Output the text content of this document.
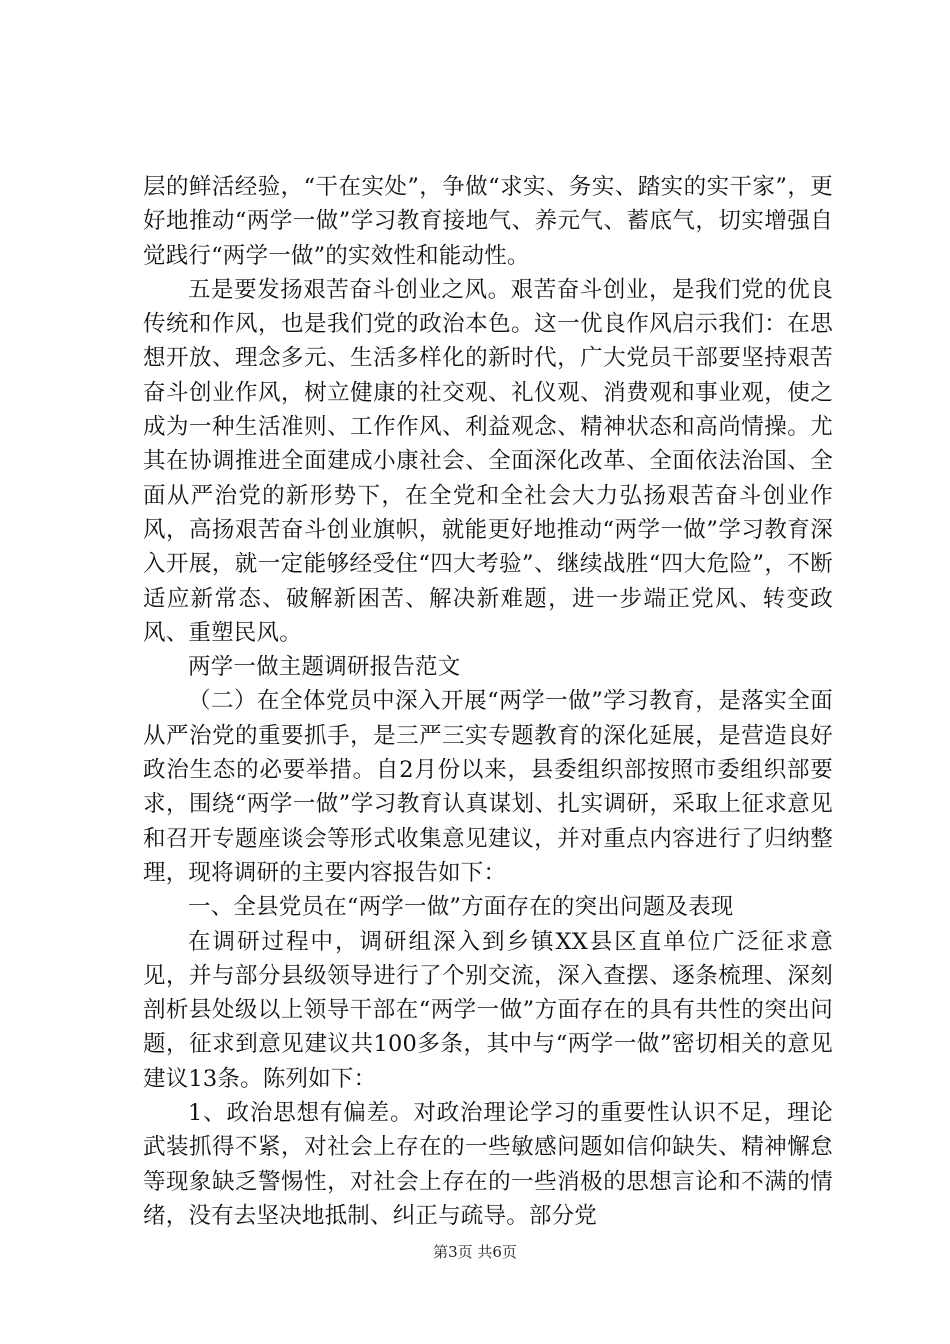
层的鲜活经验，“干在实处”，争做“求实、务实、踏实的实干家”，更好地推动“两学一做”学习教育接地气、养元气、蓄底气，切实增强自觉践行“两学一做”的实效性和能动性。

五是要发扬艰苦奋斗创业之风。艰苦奋斗创业，是我们党的优良传统和作风，也是我们党的政治本色。这一优良作风启示我们：在思想开放、理念多元、生活多样化的新时代，广大党员干部要坚持艰苦奋斗创业作风，树立健康的社交观、礼仪观、消费观和事业观，使之成为一种生活准则、工作作风、利益观念、精神状态和高尚情操。尤其在协调推进全面建成小康社会、全面深化改革、全面依法治国、全面从严治党的新形势下，在全党和全社会大力弘扬艰苦奋斗创业作风，高扬艰苦奋斗创业旗帜，就能更好地推动“两学一做”学习教育深入开展，就一定能够经受住“四大考验”、继续战胜“四大危险”，不断适应新常态、破解新困苦、解决新难题，进一步端正党风、转变政风、重塑民风。

两学一做主题调研报告范文

（二）在全体党员中深入开展“两学一做”学习教育，是落实全面从严治党的重要抓手，是三严三实专题教育的深化延展，是营造良好政治生态的必要举措。自2月份以来，县委组织部按照市委组织部要求，围绕“两学一做”学习教育认真谋划、扎实调研，采取上征求意见和召开专题座谈会等形式收集意见建议，并对重点内容进行了归纳整理，现将调研的主要内容报告如下：

一、全县党员在“两学一做”方面存在的突出问题及表现

在调研过程中，调研组深入到乡镇XX县区直单位广泛征求意见，并与部分县级领导进行了个别交流，深入查摆、逐条梳理、深刻剖析县处级以上领导干部在“两学一做”方面存在的具有共性的突出问题，征求到意见建议共100多条，其中与“两学一做”密切相关的意见建议13条。陈列如下：

1、政治思想有偏差。对政治理论学习的重要性认识不足，理论武装抓得不紧，对社会上存在的一些敏感问题如信仰缺失、精神懈怠等现象缺乏警惕性，对社会上存在的一些消极的思想言论和不满的情绪，没有去坚决地抵制、纠正与疏导。部分党

第3页 共6页
